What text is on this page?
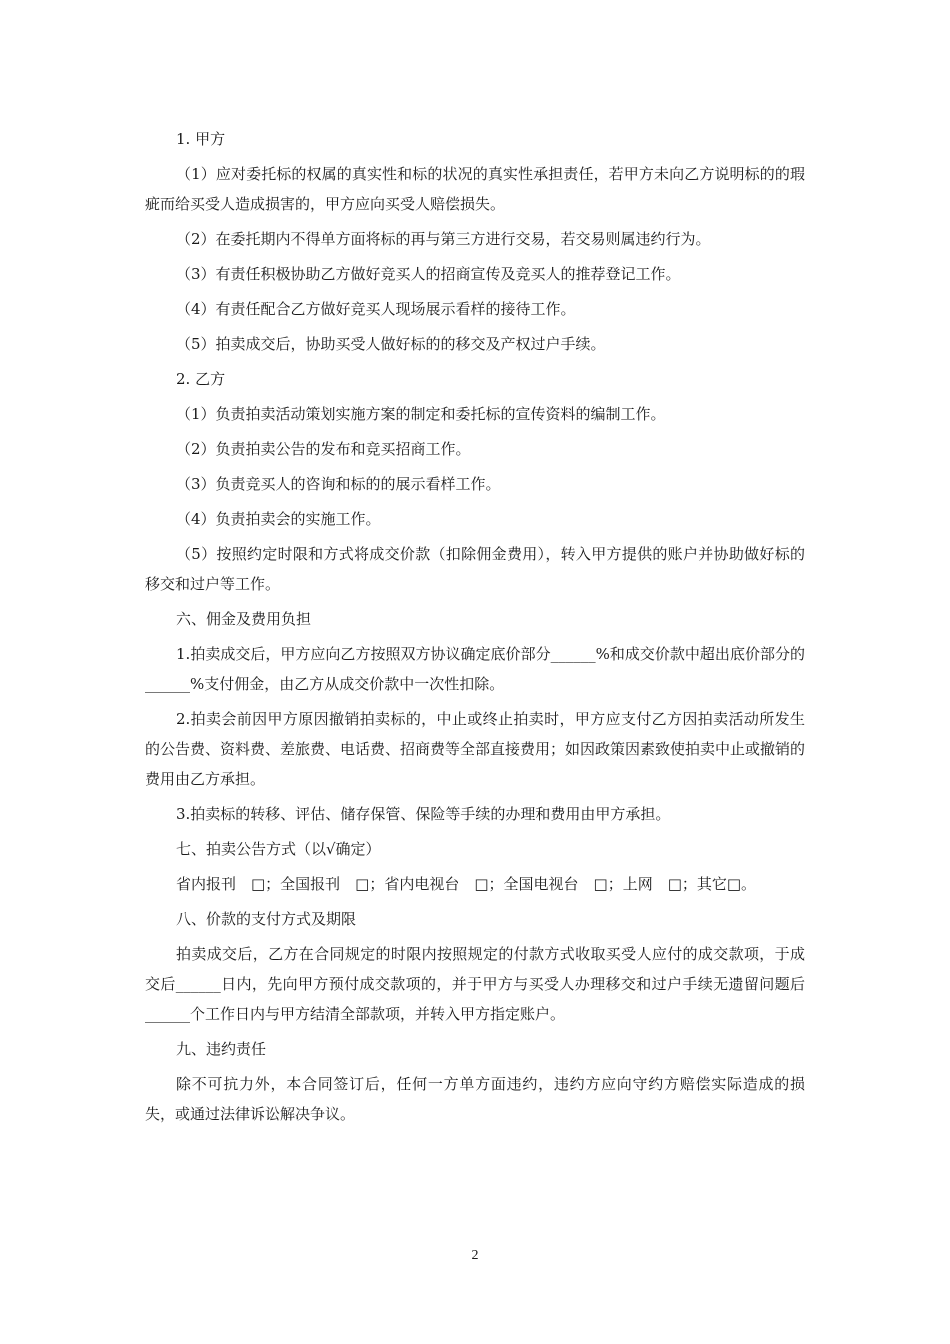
1. 甲方

（1）应对委托标的权属的真实性和标的状况的真实性承担责任，若甲方未向乙方说明标的的瑕疵而给买受人造成损害的，甲方应向买受人赔偿损失。

（2）在委托期内不得单方面将标的再与第三方进行交易，若交易则属违约行为。

（3）有责任积极协助乙方做好竞买人的招商宣传及竞买人的推荐登记工作。

（4）有责任配合乙方做好竞买人现场展示看样的接待工作。

（5）拍卖成交后，协助买受人做好标的的移交及产权过户手续。

2. 乙方

（1）负责拍卖活动策划实施方案的制定和委托标的宣传资料的编制工作。

（2）负责拍卖公告的发布和竞买招商工作。

（3）负责竞买人的咨询和标的的展示看样工作。

（4）负责拍卖会的实施工作。

（5）按照约定时限和方式将成交价款（扣除佣金费用），转入甲方提供的账户并协助做好标的移交和过户等工作。

六、佣金及费用负担

1.拍卖成交后，甲方应向乙方按照双方协议确定底价部分______%和成交价款中超出底价部分的______%支付佣金，由乙方从成交价款中一次性扣除。

2.拍卖会前因甲方原因撤销拍卖标的，中止或终止拍卖时，甲方应支付乙方因拍卖活动所发生的公告费、资料费、差旅费、电话费、招商费等全部直接费用；如因政策因素致使拍卖中止或撤销的费用由乙方承担。

3.拍卖标的转移、评估、储存保管、保险等手续的办理和费用由甲方承担。

七、拍卖公告方式（以√确定）

省内报刊　□；全国报刊　□；省内电视台　□；全国电视台　□；上网　□；其它□。

八、价款的支付方式及期限

拍卖成交后，乙方在合同规定的时限内按照规定的付款方式收取买受人应付的成交款项，于成交后______日内，先向甲方预付成交款项的，并于甲方与买受人办理移交和过户手续无遗留问题后______个工作日内与甲方结清全部款项，并转入甲方指定账户。

九、违约责任

除不可抗力外，本合同签订后，任何一方单方面违约，违约方应向守约方赔偿实际造成的损失，或通过法律诉讼解决争议。

2
